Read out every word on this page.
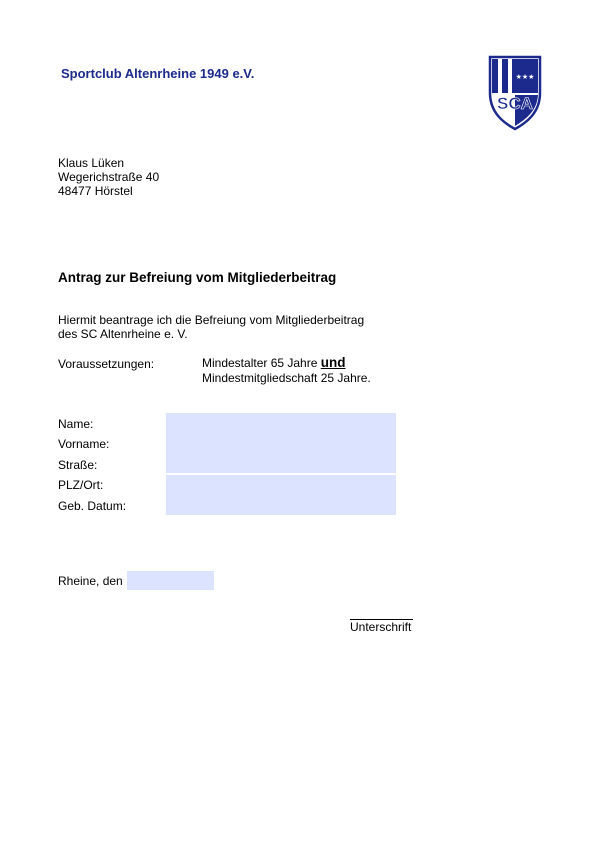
Sportclub Altenrheine 1949 e.V.	★★★
SCA
Klaus Lüken
Wegerichstraße 40
48477 Hörstel
Antrag zur Befreiung vom Mitgliederbeitrag
Hiermit beantrage ich die Befreiung vom Mitgliederbeitrag
des SC Altenrheine e. V.
Voraussetzungen:	Mindestalter 65 Jahre und
Mindestmitgliedschaft 25 Jahre.
Name:
Vorname:
Straße:
PLZ/Ort:
Geb. Datum:
Rheine, den
Unterschrift
